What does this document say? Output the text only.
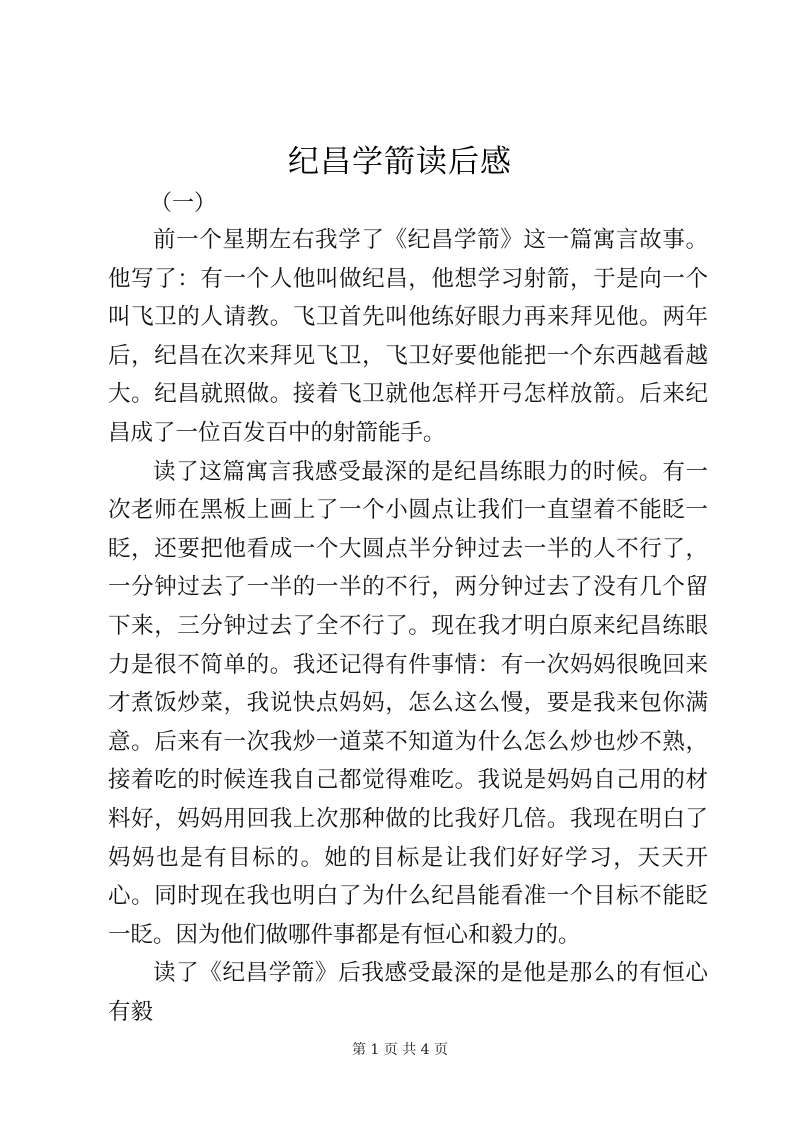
纪昌学箭读后感
（一）

前一个星期左右我学了《纪昌学箭》这一篇寓言故事。他写了：有一个人他叫做纪昌，他想学习射箭，于是向一个叫飞卫的人请教。飞卫首先叫他练好眼力再来拜见他。两年后，纪昌在次来拜见飞卫，飞卫好要他能把一个东西越看越大。纪昌就照做。接着飞卫就他怎样开弓怎样放箭。后来纪昌成了一位百发百中的射箭能手。

读了这篇寓言我感受最深的是纪昌练眼力的时候。有一次老师在黑板上画上了一个小圆点让我们一直望着不能眨一眨，还要把他看成一个大圆点半分钟过去一半的人不行了，一分钟过去了一半的一半的不行，两分钟过去了没有几个留下来，三分钟过去了全不行了。现在我才明白原来纪昌练眼力是很不简单的。我还记得有件事情：有一次妈妈很晚回来才煮饭炒菜，我说快点妈妈，怎么这么慢，要是我来包你满意。后来有一次我炒一道菜不知道为什么怎么炒也炒不熟，接着吃的时候连我自己都觉得难吃。我说是妈妈自己用的材料好，妈妈用回我上次那种做的比我好几倍。我现在明白了妈妈也是有目标的。她的目标是让我们好好学习，天天开心。同时现在我也明白了为什么纪昌能看准一个目标不能眨一眨。因为他们做哪件事都是有恒心和毅力的。

读了《纪昌学箭》后我感受最深的是他是那么的有恒心有毅

第 1 页 共 4 页
